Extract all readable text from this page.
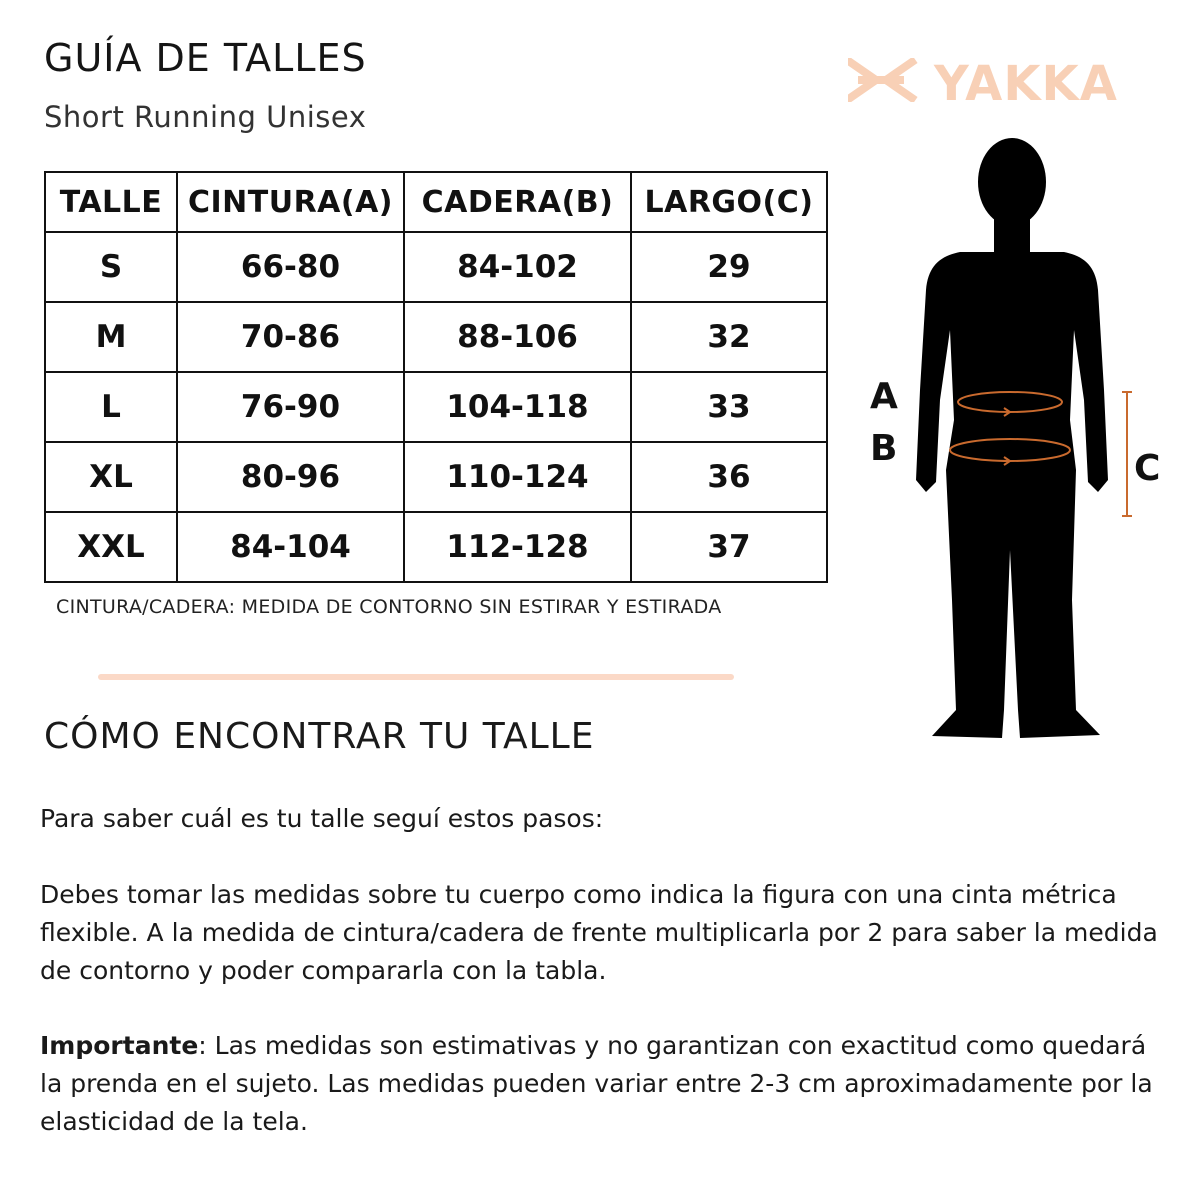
GUÍA DE TALLES
Short Running Unisex
YAKKA
TALLE	CINTURA(A)	CADERA(B)	LARGO(C)
S	66-80	84-102	29
M	70-86	88-106	32
L	76-90	104-118	33
XL	80-96	110-124	36
XXL	84-104	112-128	37

CINTURA/CADERA: MEDIDA DE CONTORNO SIN ESTIRAR Y ESTIRADA

A
B	C
CÓMO ENCONTRAR TU TALLE

Para saber cuál es tu talle seguí estos pasos:

Debes tomar las medidas sobre tu cuerpo como indica la figura con una cinta métrica flexible. A la medida de cintura/cadera de frente multiplicarla por 2 para saber la medida de contorno y poder compararla con la tabla.

Importante: Las medidas son estimativas y no garantizan con exactitud como quedará la prenda en el sujeto. Las medidas pueden variar entre 2-3 cm aproximadamente por la elasticidad de la tela.
